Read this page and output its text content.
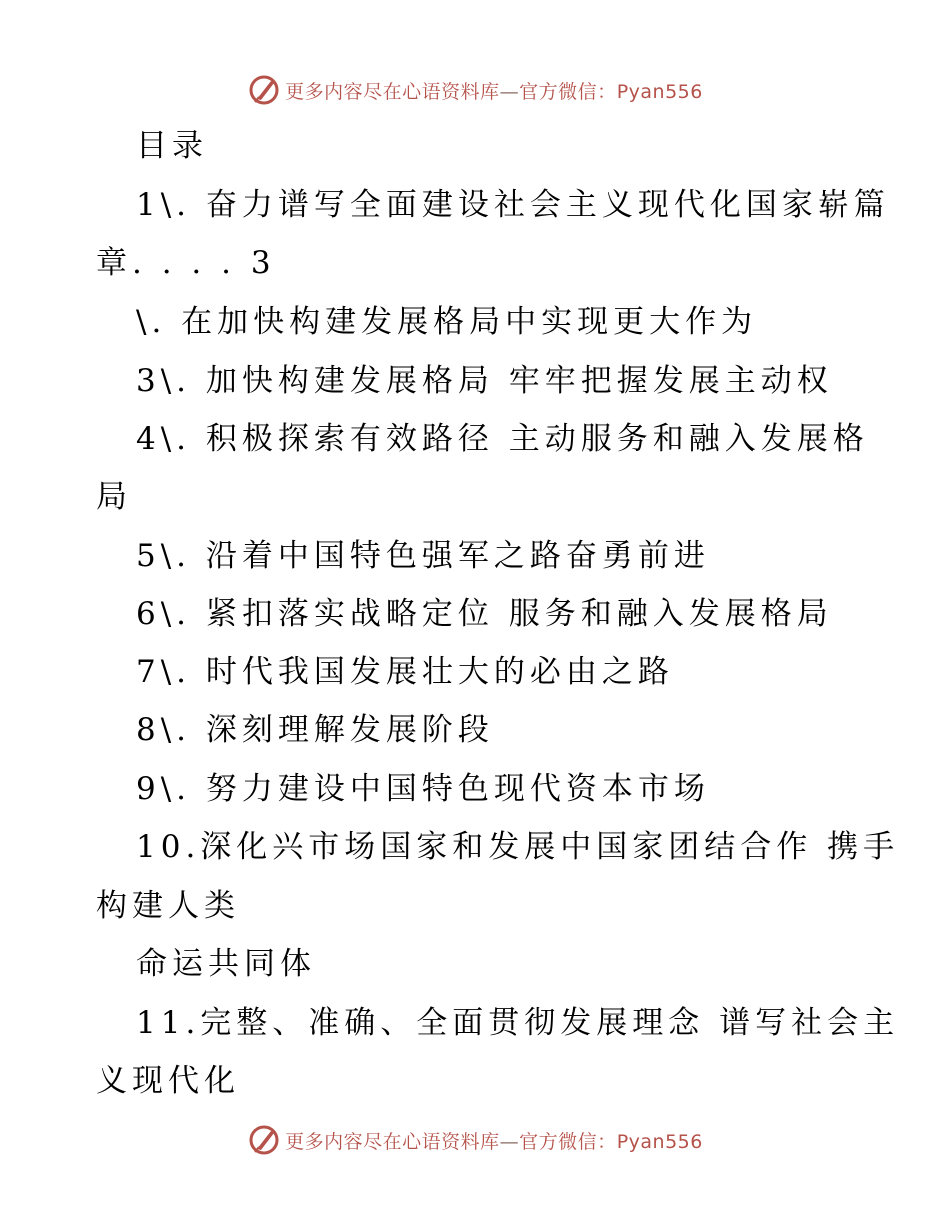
更多内容尽在心语资料库—官方微信：Pyan556
目录
1\. 奋力谱写全面建设社会主义现代化国家崭篇
章. . . . 3
\. 在加快构建发展格局中实现更大作为
3\. 加快构建发展格局 牢牢把握发展主动权
4\. 积极探索有效路径 主动服务和融入发展格
局
5\. 沿着中国特色强军之路奋勇前进
6\. 紧扣落实战略定位 服务和融入发展格局
7\. 时代我国发展壮大的必由之路
8\. 深刻理解发展阶段
9\. 努力建设中国特色现代资本市场
10.深化兴市场国家和发展中国家团结合作 携手
构建人类
命运共同体
11.完整、准确、全面贯彻发展理念 谱写社会主
义现代化
更多内容尽在心语资料库—官方微信：Pyan556
